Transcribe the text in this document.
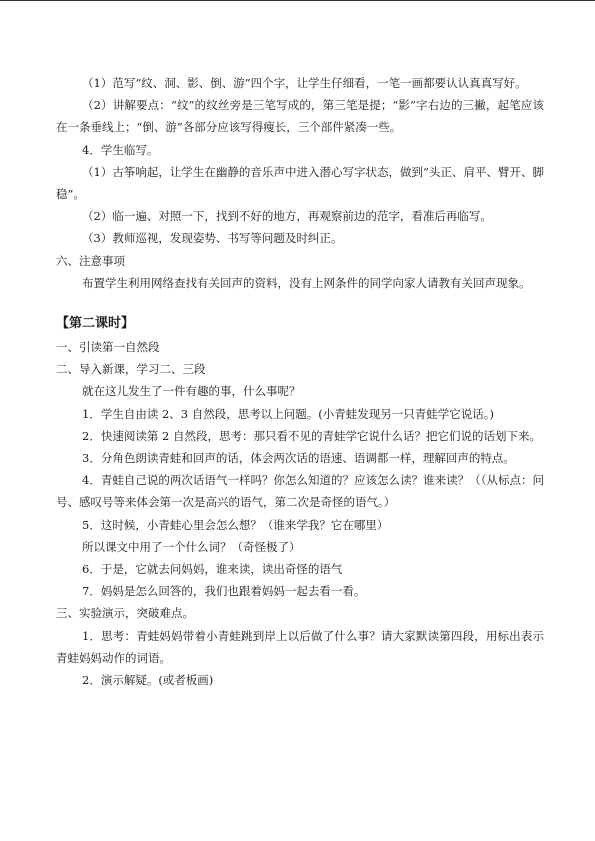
（1）范写“纹、洞、影、倒、游”四个字，让学生仔细看，一笔一画都要认认真真写好。

（2）讲解要点：“纹”的纹丝旁是三笔写成的，第三笔是提；“影”字右边的三撇，起笔应该在一条垂线上；“倒、游”各部分应该写得瘦长，三个部件紧凑一些。

4．学生临写。

（1）古筝响起，让学生在幽静的音乐声中进入潜心写字状态，做到“头正、肩平、臂开、脚稳”。

（2）临一遍、对照一下，找到不好的地方，再观察前边的范字，看准后再临写。

（3）教师巡视，发现姿势、书写等问题及时纠正。

六、注意事项

布置学生利用网络查找有关回声的资料，没有上网条件的同学向家人请教有关回声现象。

【第二课时】

一、引读第一自然段

二、导入新课，学习二、三段

就在这儿发生了一件有趣的事，什么事呢？

1．学生自由读 2、3 自然段，思考以上问题。(小青蛙发现另一只青蛙学它说话。)

2．快速阅读第 2 自然段，思考：那只看不见的青蛙学它说什么话？把它们说的话划下来。

3．分角色朗读青蛙和回声的话，体会两次话的语速、语调都一样，理解回声的特点。

4．青蛙自己说的两次话语气一样吗？你怎么知道的？应该怎么读？谁来读？（（从标点：问号、感叹号等来体会第一次是高兴的语气，第二次是奇怪的语气。）

5．这时候，小青蛙心里会怎么想？（谁来学我？它在哪里）

所以课文中用了一个什么词？（奇怪极了）

6．于是，它就去问妈妈，谁来读，读出奇怪的语气

7．妈妈是怎么回答的，我们也跟着妈妈一起去看一看。

三、实验演示，突破难点。

1．思考：青蛙妈妈带着小青蛙跳到岸上以后做了什么事？请大家默读第四段，用标出表示青蛙妈妈动作的词语。

2．演示解疑。(或者板画)
